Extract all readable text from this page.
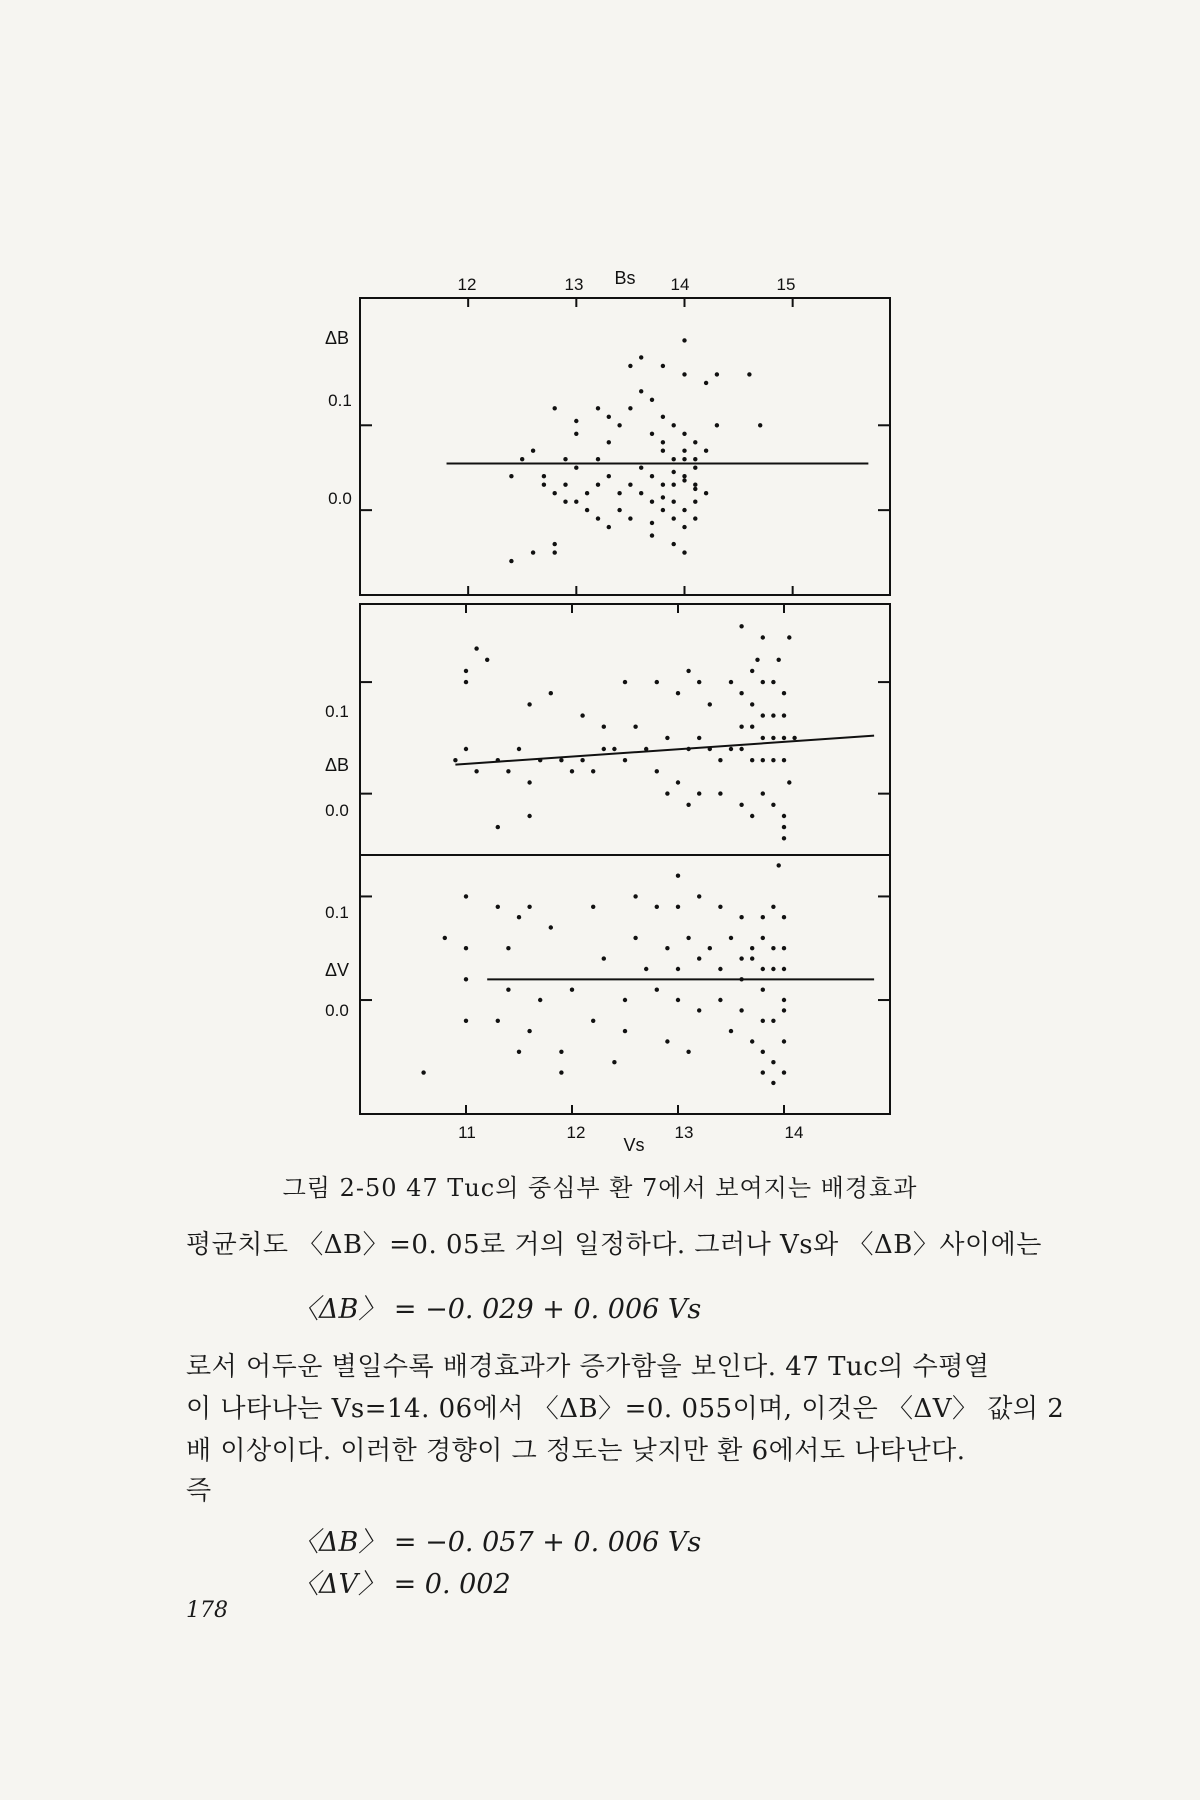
12	13 Bs 14	15
ΔB
0.1
0.0
0.1
ΔB
0.0
0.1
ΔV
0.0
11	12
Vs
13	14
그림 2-50 47 Tuc의 중심부 환 7에서 보여지는 배경효과
평균치도 〈ΔB〉=0. 05로 거의 일정하다. 그러나 Vs와 〈ΔB〉사이에는
〈ΔB〉 = −0. 029 + 0. 006 Vs
로서 어두운 별일수록 배경효과가 증가함을 보인다. 47 Tuc의 수평열
이 나타나는 Vs=14. 06에서 〈ΔB〉=0. 055이며, 이것은 〈ΔV〉 값의 2
배 이상이다. 이러한 경향이 그 정도는 낮지만 환 6에서도 나타난다.
즉
〈ΔB〉 = −0. 057 + 0. 006 Vs
〈ΔV〉 = 0. 002
178
